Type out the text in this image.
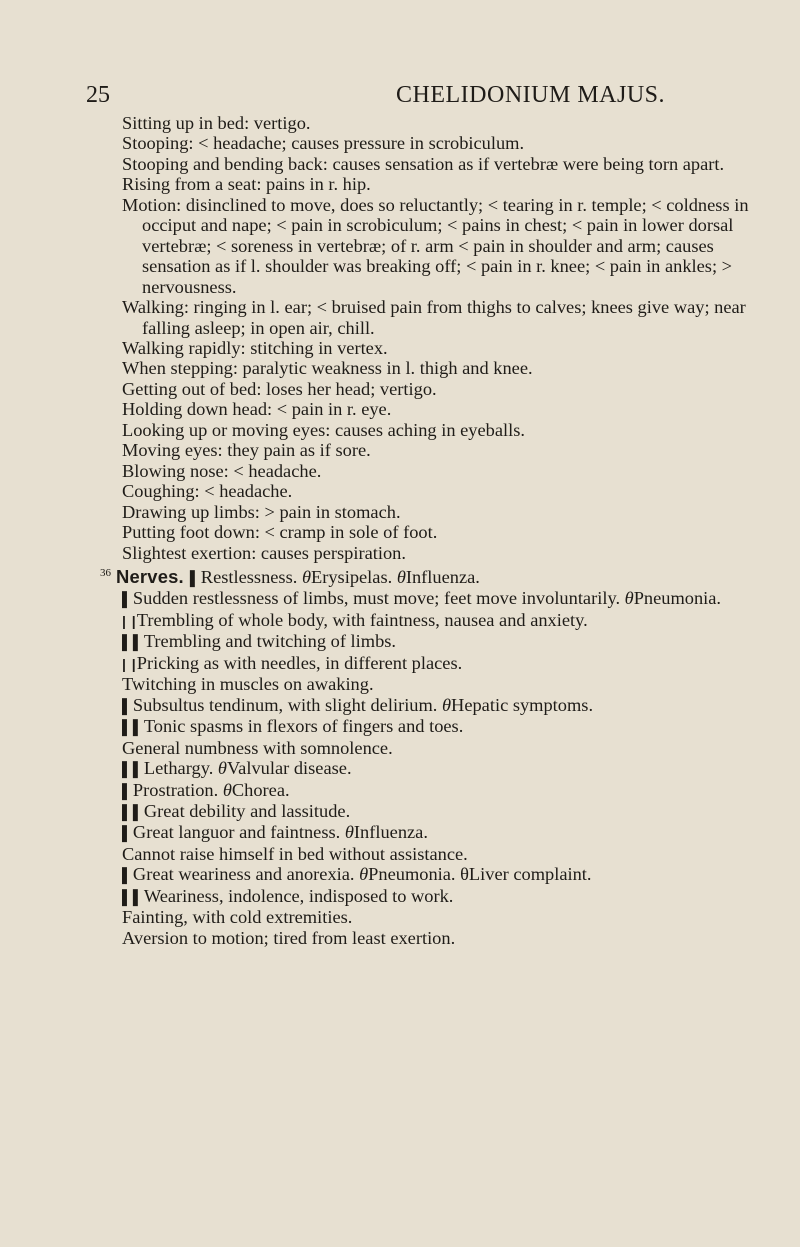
25	CHELIDONIUM MAJUS.
Sitting up in bed: vertigo.
Stooping: < headache; causes pressure in scrobiculum.
Stooping and bending back: causes sensation as if vertebræ were being torn apart.
Rising from a seat: pains in r. hip.
Motion: disinclined to move, does so reluctantly; < tearing in r. temple; < coldness in occiput and nape; < pain in scrobiculum; < pains in chest; < pain in lower dorsal vertebræ; < soreness in vertebræ; of r. arm < pain in shoulder and arm; causes sensation as if l. shoulder was breaking off; < pain in r. knee; < pain in ankles; > nervousness.
Walking: ringing in l. ear; < bruised pain from thighs to calves; knees give way; near falling asleep; in open air, chill.
Walking rapidly: stitching in vertex.
When stepping: paralytic weakness in l. thigh and knee.
Getting out of bed: loses her head; vertigo.
Holding down head: < pain in r. eye.
Looking up or moving eyes: causes aching in eyeballs.
Moving eyes: they pain as if sore.
Blowing nose: < headache.
Coughing: < headache.
Drawing up limbs: > pain in stomach.
Putting foot down: < cramp in sole of foot.
Slightest exertion: causes perspiration.
$^{36}$ Nerves. ▌Restlessness. θErysipelas. θInfluenza.
▌Sudden restlessness of limbs, must move; feet move involuntarily. θPneumonia.
| |Trembling of whole body, with faintness, nausea and anxiety.
▌▌Trembling and twitching of limbs.
| |Pricking as with needles, in different places.
Twitching in muscles on awaking.
▌Subsultus tendinum, with slight delirium. θHepatic symptoms.
▌▌Tonic spasms in flexors of fingers and toes.
General numbness with somnolence.
▌▌Lethargy. θValvular disease.
▌Prostration. θChorea.
▌▌Great debility and lassitude.
▌Great languor and faintness. θInfluenza.
Cannot raise himself in bed without assistance.
▌Great weariness and anorexia. θPneumonia. θLiver complaint.
▌▌Weariness, indolence, indisposed to work.
Fainting, with cold extremities.
Aversion to motion; tired from least exertion.
